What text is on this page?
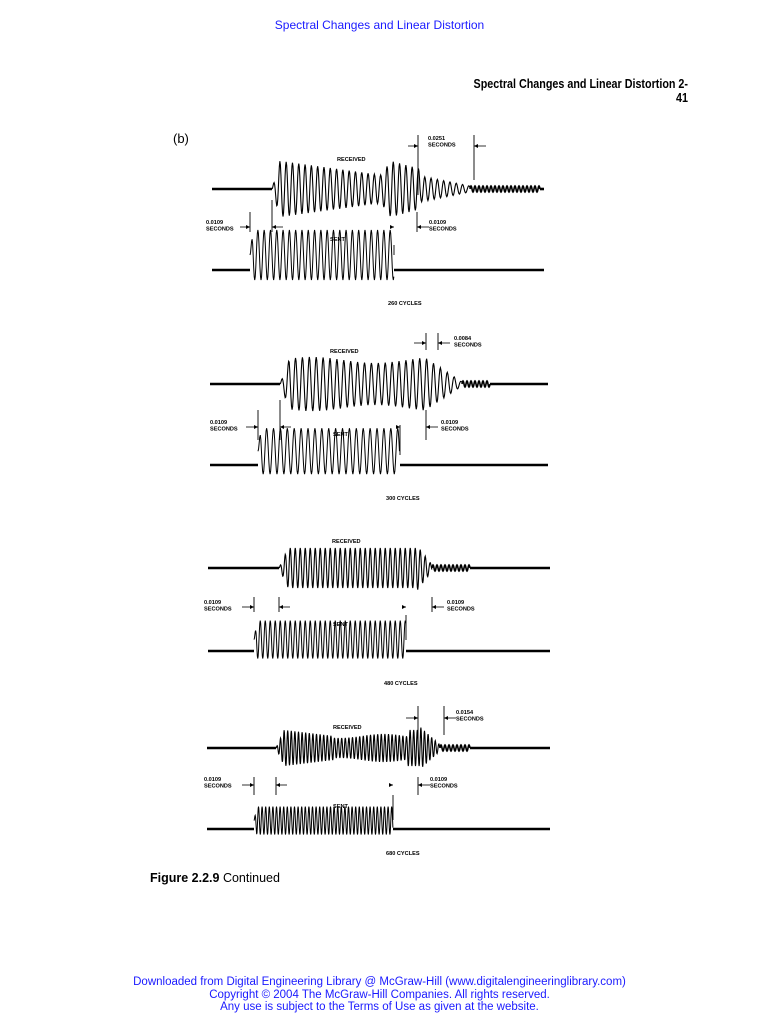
Spectral Changes and Linear Distortion
Spectral Changes and Linear Distortion 2-41
(b)
RECEIVED
SENT
260 CYCLES
0.0109 SECONDS
0.0109 SECONDS
0.0251 SECONDS
RECEIVED
SENT
300 CYCLES
0.0109 SECONDS
0.0109 SECONDS
0.0084 SECONDS
RECEIVED
SENT
480 CYCLES
0.0109 SECONDS
0.0109 SECONDS
RECEIVED
SENT
680 CYCLES
0.0109 SECONDS
0.0109 SECONDS
0.0154 SECONDS
Figure 2.2.9 Continued
Downloaded from Digital Engineering Library @ McGraw-Hill (www.digitalengineeringlibrary.com)
Copyright © 2004 The McGraw-Hill Companies. All rights reserved.
Any use is subject to the Terms of Use as given at the website.
